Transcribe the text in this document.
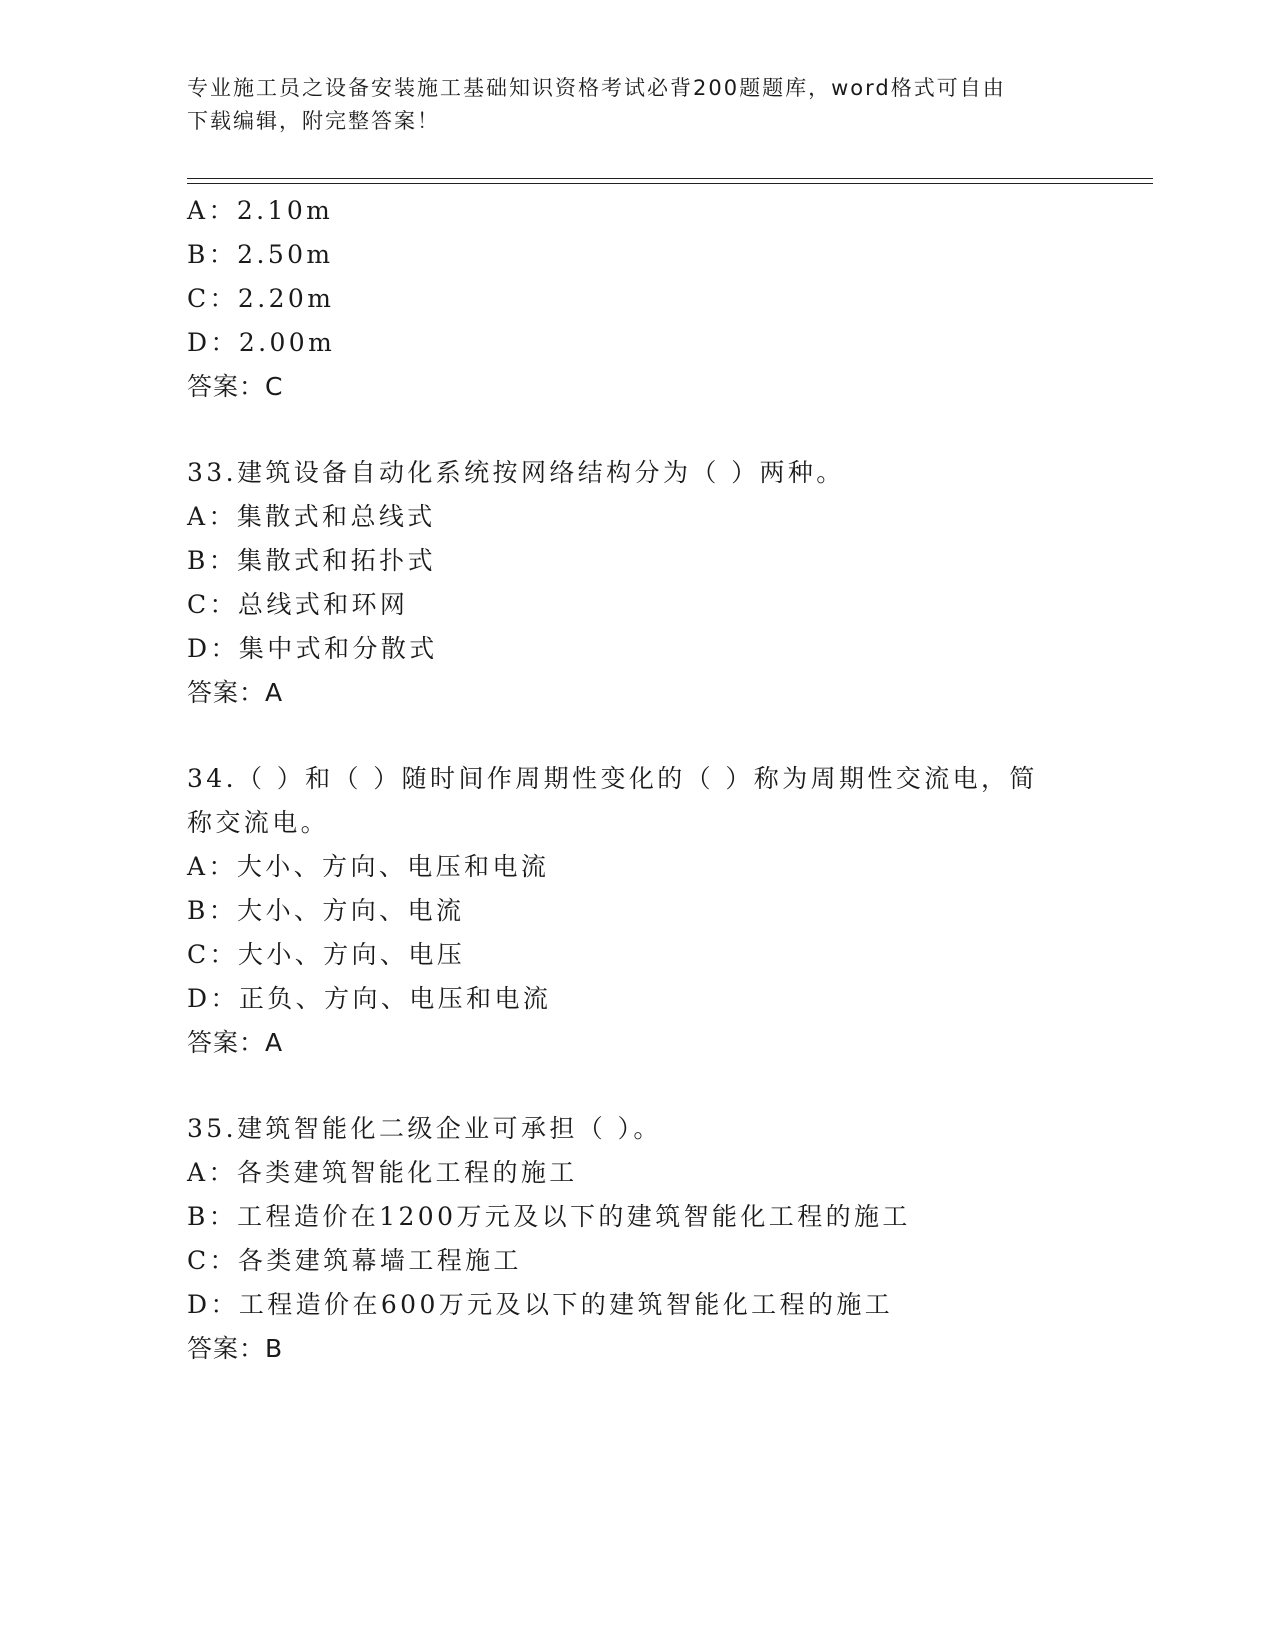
专业施工员之设备安装施工基础知识资格考试必背200题题库，word格式可自由
下载编辑，附完整答案！
A：2.10m
B：2.50m
C：2.20m
D：2.00m
答案：C
33.建筑设备自动化系统按网络结构分为（ ）两种。
A：集散式和总线式
B：集散式和拓扑式
C：总线式和环网
D：集中式和分散式
答案：A
34.（ ）和（ ）随时间作周期性变化的（ ）称为周期性交流电，简
称交流电。
A：大小、方向、电压和电流
B：大小、方向、电流
C：大小、方向、电压
D：正负、方向、电压和电流
答案：A
35.建筑智能化二级企业可承担（ ）。
A：各类建筑智能化工程的施工
B：工程造价在1200万元及以下的建筑智能化工程的施工
C：各类建筑幕墙工程施工
D：工程造价在600万元及以下的建筑智能化工程的施工
答案：B
